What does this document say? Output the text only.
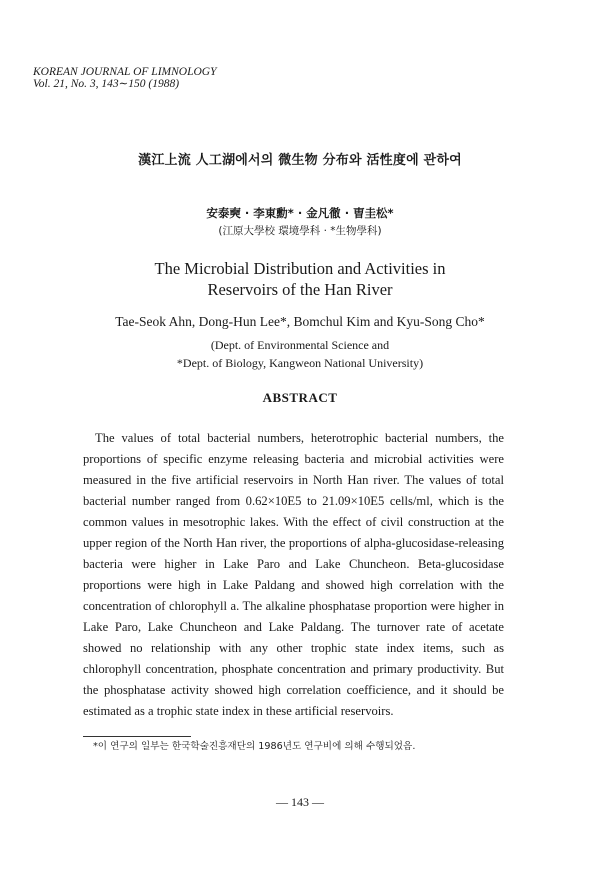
KOREAN JOURNAL OF LIMNOLOGY
Vol. 21, No. 3, 143∼150 (1988)
漢江上流 人工湖에서의 微生物 分布와 活性度에 관하여
安泰奭 · 李東勳* · 金凡徹 · 曺圭松*
(江原大學校 環境學科 · *生物學科)
The Microbial Distribution and Activities in
Reservoirs of the Han River
Tae-Seok Ahn, Dong-Hun Lee*, Bomchul Kim and Kyu-Song Cho*
(Dept. of Environmental Science and
*Dept. of Biology, Kangweon National University)
ABSTRACT

The values of total bacterial numbers, heterotrophic bacterial numbers, the proportions of specific enzyme releasing bacteria and microbial activities were measured in the five artificial reservoirs in North Han river. The values of total bacterial number ranged from 0.62×10E5 to 21.09×10E5 cells/ml, which is the common values in mesotrophic lakes. With the effect of civil construction at the upper region of the North Han river, the proportions of alpha-glucosidase-releasing bacteria were higher in Lake Paro and Lake Chuncheon. Beta-glucosidase proportions were high in Lake Paldang and showed high correlation with the concentration of chlorophyll a. The alkaline phosphatase proportion were higher in Lake Paro, Lake Chuncheon and Lake Paldang. The turnover rate of acetate showed no relationship with any other trophic state index items, such as chlorophyll concentration, phosphate concentration and primary productivity. But the phosphatase activity showed high correlation coefficience, and it should be estimated as a trophic state index in these artificial reservoirs.

*이 연구의 일부는 한국학술진흥재단의 1986년도 연구비에 의해 수행되었음.
— 143 —
